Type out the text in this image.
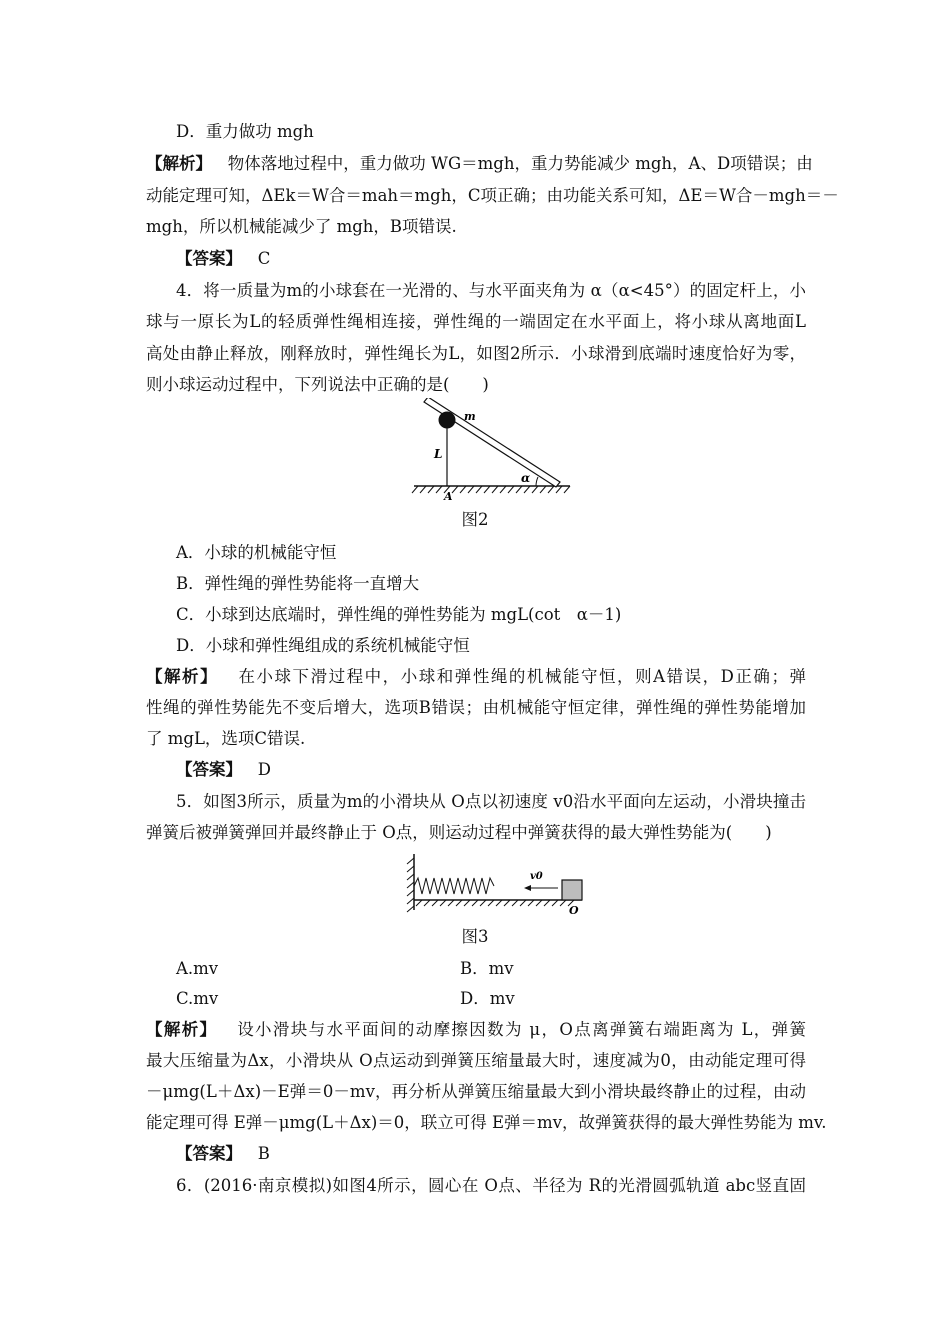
D．重力做功 mgh
【解析】 物体落地过程中，重力做功 WG＝mgh，重力势能减少 mgh，A、D项错误；由
动能定理可知，ΔEk＝W合＝mah＝mgh，C项正确；由功能关系可知，ΔE＝W合－mgh＝－
mgh，所以机械能减少了 mgh，B项错误.
【答案】 C
4．将一质量为m的小球套在一光滑的、与水平面夹角为 α（α<45°）的固定杆上，小
球与一原长为L的轻质弹性绳相连接，弹性绳的一端固定在水平面上，将小球从离地面L
高处由静止释放，刚释放时，弹性绳长为L，如图2所示．小球滑到底端时速度恰好为零，
则小球运动过程中，下列说法中正确的是(　　)
m
L
A
α
图2
A．小球的机械能守恒
B．弹性绳的弹性势能将一直增大
C．小球到达底端时，弹性绳的弹性势能为 mgL(cot　α－1)
D．小球和弹性绳组成的系统机械能守恒
【解析】 在小球下滑过程中，小球和弹性绳的机械能守恒，则A错误，D正确；弹
性绳的弹性势能先不变后增大，选项B错误；由机械能守恒定律，弹性绳的弹性势能增加
了 mgL，选项C错误.
【答案】 D
5．如图3所示，质量为m的小滑块从 O点以初速度 v0沿水平面向左运动，小滑块撞击
弹簧后被弹簧弹回并最终静止于 O点，则运动过程中弹簧获得的最大弹性势能为(　　)
v0
O
图3
A.mv	B．mv
C.mv	D．mv
【解析】 设小滑块与水平面间的动摩擦因数为 μ，O点离弹簧右端距离为 L，弹簧
最大压缩量为Δx，小滑块从 O点运动到弹簧压缩量最大时，速度减为0，由动能定理可得
－μmg(L＋Δx)－E弹＝0－mv，再分析从弹簧压缩量最大到小滑块最终静止的过程，由动
能定理可得 E弹－μmg(L＋Δx)＝0，联立可得 E弹＝mv，故弹簧获得的最大弹性势能为 mv.
【答案】 B
6．(2016·南京模拟)如图4所示，圆心在 O点、半径为 R的光滑圆弧轨道 abc竖直固
